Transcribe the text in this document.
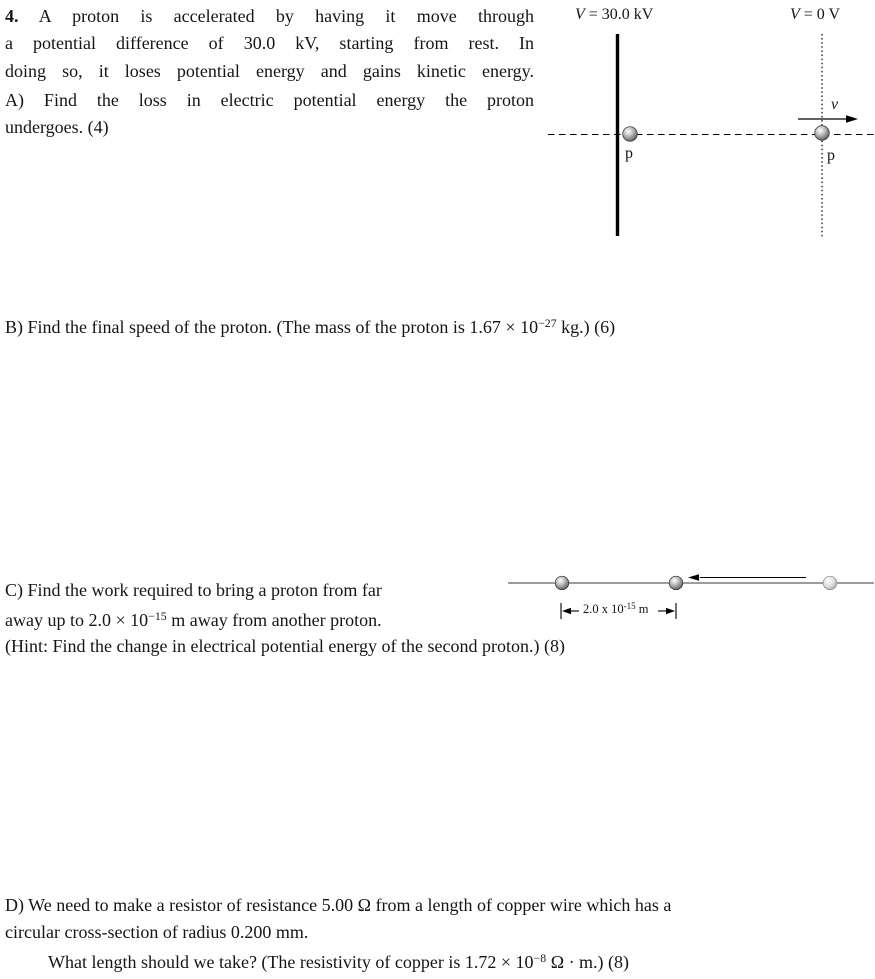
4. A proton is accelerated by having it move through
a potential difference of 30.0 kV, starting from rest. In
doing so, it loses potential energy and gains kinetic energy.
A) Find the loss in electric potential energy the proton
undergoes. (4)
V = 30.0 kV	V = 0 V
p	p
v
B) Find the final speed of the proton. (The mass of the proton is $1.67 \times 10^{-27}$ kg.) (6)
2.0 x $10^{-15}$ m
C) Find the work required to bring a proton from far
away up to $2.0 \times 10^{-15}$ m away from another proton.
(Hint: Find the change in electrical potential energy of the second proton.) (8)
D) We need to make a resistor of resistance 5.00 Ω from a length of copper wire which has a
circular cross-section of radius 0.200 mm.
What length should we take? (The resistivity of copper is $1.72 \times 10^{-8}$ Ω · m.) (8)
